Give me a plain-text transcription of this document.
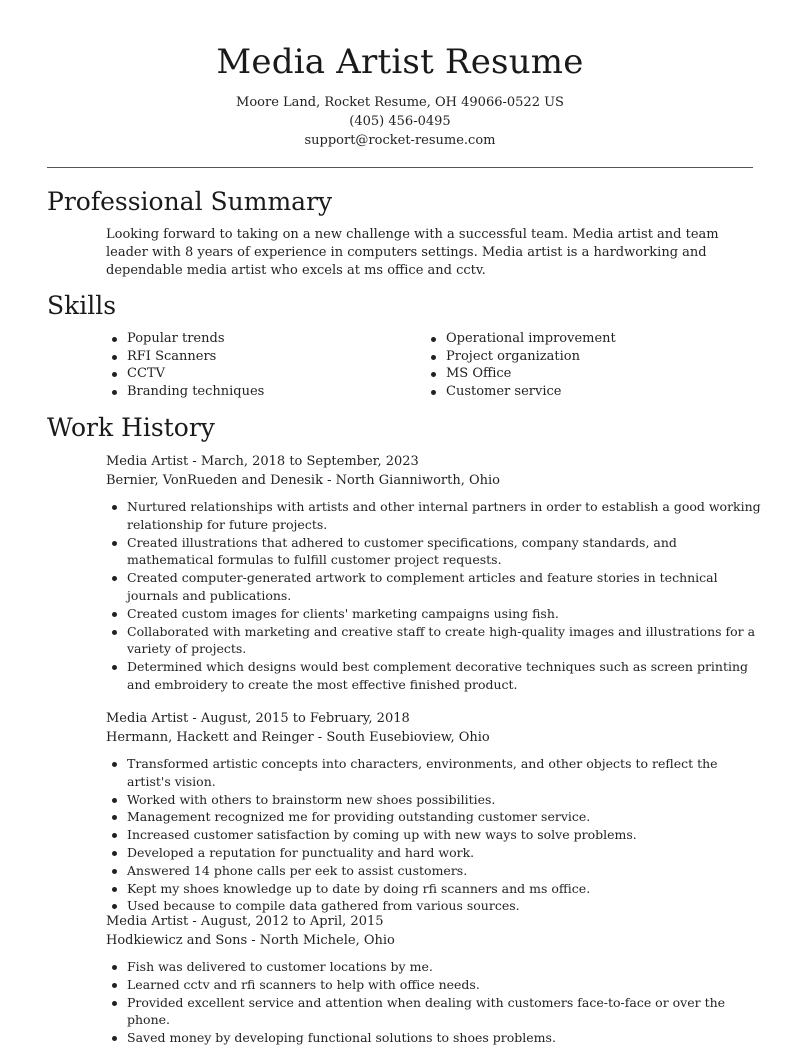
Media Artist Resume
Moore Land, Rocket Resume, OH 49066-0522 US
(405) 456-0495
support@rocket-resume.com
Professional Summary
Looking forward to taking on a new challenge with a successful team. Media artist and team leader with 8 years of experience in computers settings. Media artist is a hardworking and dependable media artist who excels at ms office and cctv.
Skills
Popular trends
RFI Scanners
CCTV
Branding techniques
Operational improvement
Project organization
MS Office
Customer service
Work History
Media Artist - March, 2018 to September, 2023
Bernier, VonRueden and Denesik - North Gianniworth, Ohio
Nurtured relationships with artists and other internal partners in order to establish a good working relationship for future projects.
Created illustrations that adhered to customer specifications, company standards, and mathematical formulas to fulfill customer project requests.
Created computer-generated artwork to complement articles and feature stories in technical journals and publications.
Created custom images for clients' marketing campaigns using fish.
Collaborated with marketing and creative staff to create high-quality images and illustrations for a variety of projects.
Determined which designs would best complement decorative techniques such as screen printing and embroidery to create the most effective finished product.
Media Artist - August, 2015 to February, 2018
Hermann, Hackett and Reinger - South Eusebioview, Ohio
Transformed artistic concepts into characters, environments, and other objects to reflect the artist's vision.
Worked with others to brainstorm new shoes possibilities.
Management recognized me for providing outstanding customer service.
Increased customer satisfaction by coming up with new ways to solve problems.
Developed a reputation for punctuality and hard work.
Answered 14 phone calls per eek to assist customers.
Kept my shoes knowledge up to date by doing rfi scanners and ms office.
Used because to compile data gathered from various sources.
Media Artist - August, 2012 to April, 2015
Hodkiewicz and Sons - North Michele, Ohio
Fish was delivered to customer locations by me.
Learned cctv and rfi scanners to help with office needs.
Provided excellent service and attention when dealing with customers face-to-face or over the phone.
Saved money by developing functional solutions to shoes problems.
